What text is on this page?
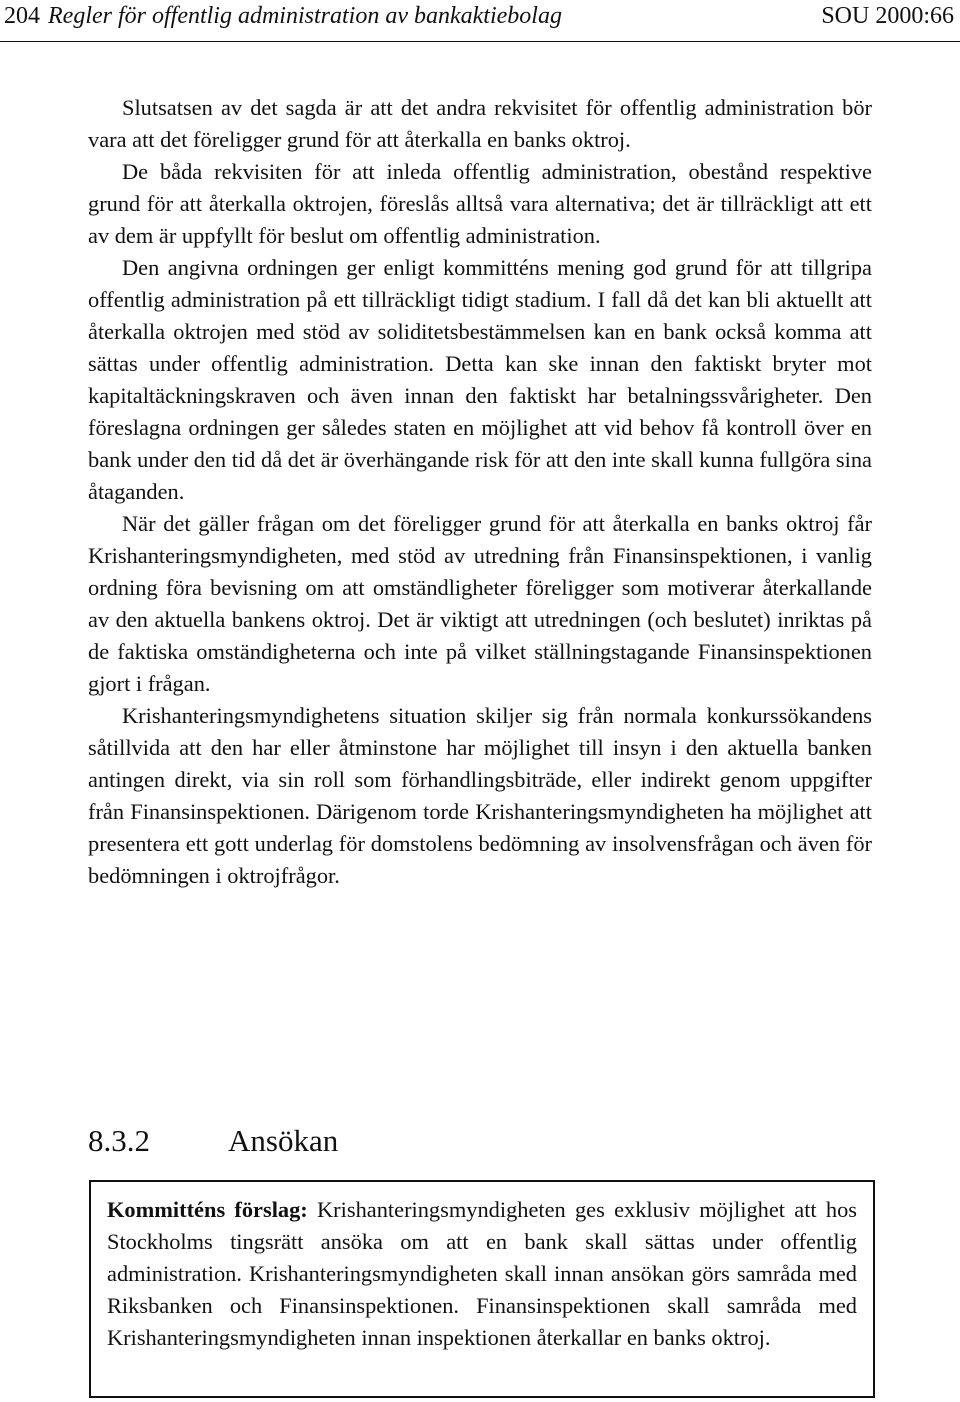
204 Regler för offentlig administration av bankaktiebolag	SOU 2000:66

Slutsatsen av det sagda är att det andra rekvisitet för offentlig administration bör vara att det föreligger grund för att återkalla en banks oktroj.

De båda rekvisiten för att inleda offentlig administration, obestånd respektive grund för att återkalla oktrojen, föreslås alltså vara alternativa; det är tillräckligt att ett av dem är uppfyllt för beslut om offentlig administration.

Den angivna ordningen ger enligt kommitténs mening god grund för att tillgripa offentlig administration på ett tillräckligt tidigt stadium. I fall då det kan bli aktuellt att återkalla oktrojen med stöd av soliditetsbestämmelsen kan en bank också komma att sättas under offentlig administration. Detta kan ske innan den faktiskt bryter mot kapitaltäckningskraven och även innan den faktiskt har betalningssvårigheter. Den föreslagna ordningen ger således staten en möjlighet att vid behov få kontroll över en bank under den tid då det är överhängande risk för att den inte skall kunna fullgöra sina åtaganden.

När det gäller frågan om det föreligger grund för att återkalla en banks oktroj får Krishanteringsmyndigheten, med stöd av utredning från Finansinspektionen, i vanlig ordning föra bevisning om att omständligheter föreligger som motiverar återkallande av den aktuella bankens oktroj. Det är viktigt att utredningen (och beslutet) inriktas på de faktiska omständigheterna och inte på vilket ställningstagande Finansinspektionen gjort i frågan.

Krishanteringsmyndighetens situation skiljer sig från normala konkurssökandens såtillvida att den har eller åtminstone har möjlighet till insyn i den aktuella banken antingen direkt, via sin roll som förhandlingsbiträde, eller indirekt genom uppgifter från Finansinspektionen. Därigenom torde Krishanteringsmyndigheten ha möjlighet att presentera ett gott underlag för domstolens bedömning av insolvensfrågan och även för bedömningen i oktrojfrågor.

8.3.2	Ansökan
Kommitténs förslag: Krishanteringsmyndigheten ges exklusiv möjlighet att hos Stockholms tingsrätt ansöka om att en bank skall sättas under offentlig administration. Krishanteringsmyndigheten skall innan ansökan görs samråda med Riksbanken och Finansinspektionen. Finansinspektionen skall samråda med Krishanteringsmyndigheten innan inspektionen återkallar en banks oktroj.
